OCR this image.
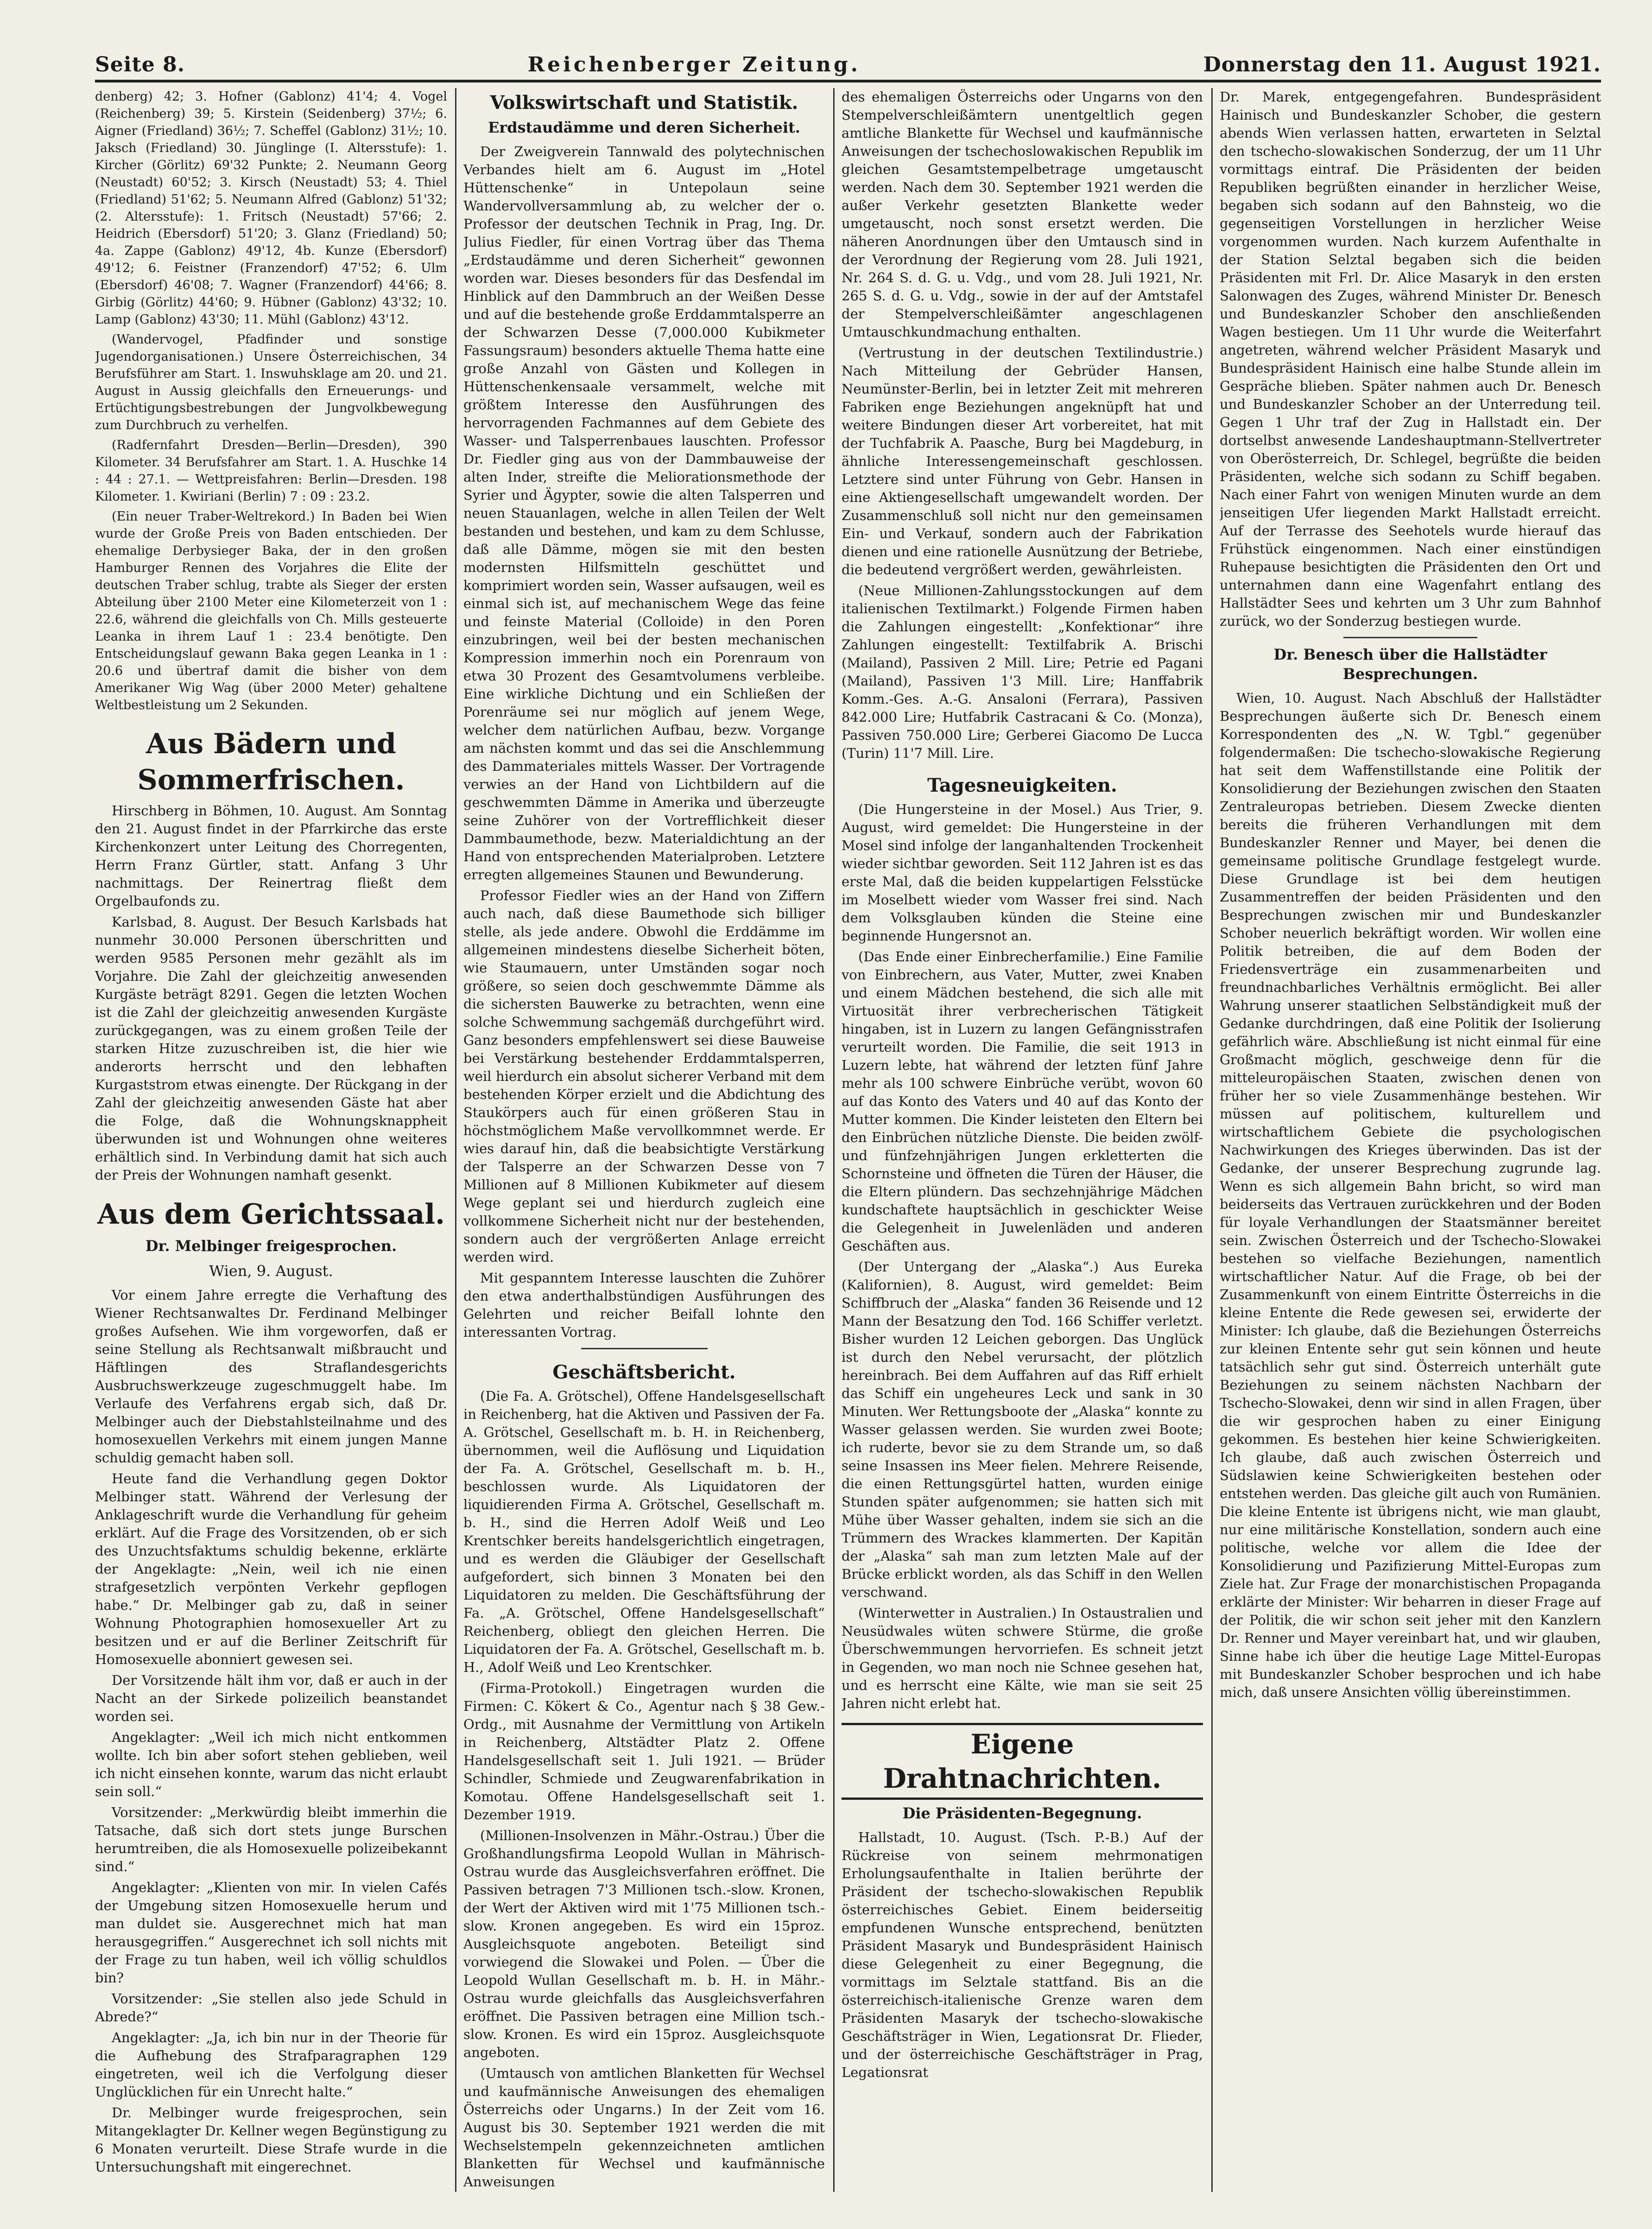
Seite 8.	Reichenberger Zeitung.	Donnerstag den 11. August 1921.

denberg) 42; 3. Hofner (Gablonz) 41'4; 4. Vogel (Reichenberg) 39; 5. Kirstein (Seidenberg) 37½; 6. Aigner (Friedland) 36½; 7. Scheffel (Gablonz) 31½; 10. Jaksch (Friedland) 30. Jünglinge (I. Altersstufe): 1. Kircher (Görlitz) 69'32 Punkte; 2. Neumann Georg (Neustadt) 60'52; 3. Kirsch (Neustadt) 53; 4. Thiel (Friedland) 51'62; 5. Neumann Alfred (Gablonz) 51'32; (2. Altersstufe): 1. Fritsch (Neustadt) 57'66; 2. Heidrich (Ebersdorf) 51'20; 3. Glanz (Friedland) 50; 4a. Zappe (Gablonz) 49'12, 4b. Kunze (Ebersdorf) 49'12; 6. Feistner (Franzendorf) 47'52; 6. Ulm (Ebersdorf) 46'08; 7. Wagner (Franzendorf) 44'66; 8. Girbig (Görlitz) 44'60; 9. Hübner (Gablonz) 43'32; 10. Lamp (Gablonz) 43'30; 11. Mühl (Gablonz) 43'12.

(Wandervogel, Pfadfinder und sonstige Jugendorganisationen.) Unsere Österreichischen, 34 Berufsführer am Start. 1. Inswuhsklage am 20. und 21. August in Aussig gleichfalls den Erneuerungs- und Ertüchtigungsbestrebungen der Jungvolkbewegung zum Durchbruch zu verhelfen.

(Radfernfahrt Dresden—Berlin—Dresden), 390 Kilometer. 34 Berufsfahrer am Start. 1. A. Huschke 14 : 44 : 27.1. — Wettpreisfahren: Berlin—Dresden. 198 Kilometer. 1. Kwiriani (Berlin) 7 : 09 : 23.2.

(Ein neuer Traber-Weltrekord.) In Baden bei Wien wurde der Große Preis von Baden entschieden. Der ehemalige Derbysieger Baka, der in den großen Hamburger Rennen des Vorjahres die Elite der deutschen Traber schlug, trabte als Sieger der ersten Abteilung über 2100 Meter eine Kilometerzeit von 1 : 22.6, während die gleichfalls von Ch. Mills gesteuerte Leanka in ihrem Lauf 1 : 23.4 benötigte. Den Entscheidungslauf gewann Baka gegen Leanka in 1 : 20.6 und übertraf damit die bisher von dem Amerikaner Wig Wag (über 2000 Meter) gehaltene Weltbestleistung um 2 Sekunden.

Aus Bädern und Sommerfrischen.

Hirschberg in Böhmen, 10. August. Am Sonntag den 21. August findet in der Pfarrkirche das erste Kirchenkonzert unter Leitung des Chorregenten, Herrn Franz Gürtler, statt. Anfang 3 Uhr nachmittags. Der Reinertrag fließt dem Orgelbaufonds zu.

Karlsbad, 8. August. Der Besuch Karlsbads hat nunmehr 30.000 Personen überschritten und werden 9585 Personen mehr gezählt als im Vorjahre. Die Zahl der gleichzeitig anwesenden Kurgäste beträgt 8291. Gegen die letzten Wochen ist die Zahl der gleichzeitig anwesenden Kurgäste zurückgegangen, was zu einem großen Teile der starken Hitze zuzuschreiben ist, die hier wie anderorts herrscht und den lebhaften Kurgaststrom etwas einengte. Der Rückgang in der Zahl der gleichzeitig anwesenden Gäste hat aber die Folge, daß die Wohnungsknappheit überwunden ist und Wohnungen ohne weiteres erhältlich sind. In Verbindung damit hat sich auch der Preis der Wohnungen namhaft gesenkt.

Aus dem Gerichtssaal.
Dr. Melbinger freigesprochen.
Wien, 9. August.

Vor einem Jahre erregte die Verhaftung des Wiener Rechtsanwaltes Dr. Ferdinand Melbinger großes Aufsehen. Wie ihm vorgeworfen, daß er seine Stellung als Rechtsanwalt mißbraucht und Häftlingen des Straflandesgerichts Ausbruchswerkzeuge zugeschmuggelt habe. Im Verlaufe des Verfahrens ergab sich, daß Dr. Melbinger auch der Diebstahlsteilnahme und des homosexuellen Verkehrs mit einem jungen Manne schuldig gemacht haben soll.

Heute fand die Verhandlung gegen Doktor Melbinger statt. Während der Verlesung der Anklageschrift wurde die Verhandlung für geheim erklärt. Auf die Frage des Vorsitzenden, ob er sich des Unzuchtsfaktums schuldig bekenne, erklärte der Angeklagte: „Nein, weil ich nie einen strafgesetzlich verpönten Verkehr gepflogen habe.“ Dr. Melbinger gab zu, daß in seiner Wohnung Photographien homosexueller Art zu besitzen und er auf die Berliner Zeitschrift für Homosexuelle abonniert gewesen sei.

Der Vorsitzende hält ihm vor, daß er auch in der Nacht an der Sirkede polizeilich beanstandet worden sei.

Angeklagter: „Weil ich mich nicht entkommen wollte. Ich bin aber sofort stehen geblieben, weil ich nicht einsehen konnte, warum das nicht erlaubt sein soll.“

Vorsitzender: „Merkwürdig bleibt immerhin die Tatsache, daß sich dort stets junge Burschen herumtreiben, die als Homosexuelle polizeibekannt sind.“

Angeklagter: „Klienten von mir. In vielen Cafés der Umgebung sitzen Homosexuelle herum und man duldet sie. Ausgerechnet mich hat man herausgegriffen.“ Ausgerechnet ich soll nichts mit der Frage zu tun haben, weil ich völlig schuldlos bin?

Vorsitzender: „Sie stellen also jede Schuld in Abrede?“

Angeklagter: „Ja, ich bin nur in der Theorie für die Aufhebung des Strafparagraphen 129 eingetreten, weil ich die Verfolgung dieser Unglücklichen für ein Unrecht halte.“

Dr. Melbinger wurde freigesprochen, sein Mitangeklagter Dr. Kellner wegen Begünstigung zu 6 Monaten verurteilt. Diese Strafe wurde in die Untersuchungshaft mit eingerechnet.

Volkswirtschaft und Statistik.
Erdstaudämme und deren Sicherheit.

Der Zweigverein Tannwald des polytechnischen Verbandes hielt am 6. August im „Hotel Hüttenschenke“ in Untepolaun seine Wandervollversammlung ab, zu welcher der o. Professor der deutschen Technik in Prag, Ing. Dr. Julius Fiedler, für einen Vortrag über das Thema „Erdstaudämme und deren Sicherheit“ gewonnen worden war. Dieses besonders für das Desfendal im Hinblick auf den Dammbruch an der Weißen Desse und auf die bestehende große Erddammtalsperre an der Schwarzen Desse (7,000.000 Kubikmeter Fassungsraum) besonders aktuelle Thema hatte eine große Anzahl von Gästen und Kollegen in Hüttenschenkensaale versammelt, welche mit größtem Interesse den Ausführungen des hervorragenden Fachmannes auf dem Gebiete des Wasser- und Talsperrenbaues lauschten. Professor Dr. Fiedler ging aus von der Dammbauweise der alten Inder, streifte die Meliorationsmethode der Syrier und Ägypter, sowie die alten Talsperren und neuen Stauanlagen, welche in allen Teilen der Welt bestanden und bestehen, und kam zu dem Schlusse, daß alle Dämme, mögen sie mit den besten modernsten Hilfsmitteln geschüttet und komprimiert worden sein, Wasser aufsaugen, weil es einmal sich ist, auf mechanischem Wege das feine und feinste Material (Colloide) in den Poren einzubringen, weil bei der besten mechanischen Kompression immerhin noch ein Porenraum von etwa 30 Prozent des Gesamtvolumens verbleibe. Eine wirkliche Dichtung und ein Schließen der Porenräume sei nur möglich auf jenem Wege, welcher dem natürlichen Aufbau, bezw. Vorgange am nächsten kommt und das sei die Anschlemmung des Dammateriales mittels Wasser. Der Vortragende verwies an der Hand von Lichtbildern auf die geschwemmten Dämme in Amerika und überzeugte seine Zuhörer von der Vortrefflichkeit dieser Dammbaumethode, bezw. Materialdichtung an der Hand von entsprechenden Materialproben. Letztere erregten allgemeines Staunen und Bewunderung.

Professor Fiedler wies an der Hand von Ziffern auch nach, daß diese Baumethode sich billiger stelle, als jede andere. Obwohl die Erddämme im allgemeinen mindestens dieselbe Sicherheit böten, wie Staumauern, unter Umständen sogar noch größere, so seien doch geschwemmte Dämme als die sichersten Bauwerke zu betrachten, wenn eine solche Schwemmung sachgemäß durchgeführt wird. Ganz besonders empfehlenswert sei diese Bauweise bei Verstärkung bestehender Erddammtalsperren, weil hierdurch ein absolut sicherer Verband mit dem bestehenden Körper erzielt und die Abdichtung des Staukörpers auch für einen größeren Stau in höchstmöglichem Maße vervollkommnet werde. Er wies darauf hin, daß die beabsichtigte Verstärkung der Talsperre an der Schwarzen Desse von 7 Millionen auf 8 Millionen Kubikmeter auf diesem Wege geplant sei und hierdurch zugleich eine vollkommene Sicherheit nicht nur der bestehenden, sondern auch der vergrößerten Anlage erreicht werden wird.

Mit gespanntem Interesse lauschten die Zuhörer den etwa anderthalbstündigen Ausführungen des Gelehrten und reicher Beifall lohnte den interessanten Vortrag.

Geschäftsbericht.

(Die Fa. A. Grötschel), Offene Handelsgesellschaft in Reichenberg, hat die Aktiven und Passiven der Fa. A. Grötschel, Gesellschaft m. b. H. in Reichenberg, übernommen, weil die Auflösung und Liquidation der Fa. A. Grötschel, Gesellschaft m. b. H., beschlossen wurde. Als Liquidatoren der liquidierenden Firma A. Grötschel, Gesellschaft m. b. H., sind die Herren Adolf Weiß und Leo Krentschker bereits handelsgerichtlich eingetragen, und es werden die Gläubiger der Gesellschaft aufgefordert, sich binnen 3 Monaten bei den Liquidatoren zu melden. Die Geschäftsführung der Fa. „A. Grötschel, Offene Handelsgesellschaft“ Reichenberg, obliegt den gleichen Herren. Die Liquidatoren der Fa. A. Grötschel, Gesellschaft m. b. H., Adolf Weiß und Leo Krentschker.

(Firma-Protokoll.) Eingetragen wurden die Firmen: C. Kökert & Co., Agentur nach § 38 Gew.-Ordg., mit Ausnahme der Vermittlung von Artikeln in Reichenberg, Altstädter Platz 2. Offene Handelsgesellschaft seit 1. Juli 1921. — Brüder Schindler, Schmiede und Zeugwarenfabrikation in Komotau. Offene Handelsgesellschaft seit 1. Dezember 1919.

(Millionen-Insolvenzen in Mähr.-Ostrau.) Über die Großhandlungsfirma Leopold Wullan in Mährisch-Ostrau wurde das Ausgleichsverfahren eröffnet. Die Passiven betragen 7'3 Millionen tsch.-slow. Kronen, der Wert der Aktiven wird mit 1'75 Millionen tsch.-slow. Kronen angegeben. Es wird ein 15proz. Ausgleichsquote angeboten. Beteiligt sind vorwiegend die Slowakei und Polen. — Über die Leopold Wullan Gesellschaft m. b. H. in Mähr.-Ostrau wurde gleichfalls das Ausgleichsverfahren eröffnet. Die Passiven betragen eine Million tsch.-slow. Kronen. Es wird ein 15proz. Ausgleichsquote angeboten.

(Umtausch von amtlichen Blanketten für Wechsel und kaufmännische Anweisungen des ehemaligen Österreichs oder Ungarns.) In der Zeit vom 16. August bis 30. September 1921 werden die mit Wechselstempeln gekennzeichneten amtlichen Blanketten für Wechsel und kaufmännische Anweisungen

des ehemaligen Österreichs oder Ungarns von den Stempelverschleißämtern unentgeltlich gegen amtliche Blankette für Wechsel und kaufmännische Anweisungen der tschechoslowakischen Republik im gleichen Gesamtstempelbetrage umgetauscht werden. Nach dem 30. September 1921 werden die außer Verkehr gesetzten Blankette weder umgetauscht, noch sonst ersetzt werden. Die näheren Anordnungen über den Umtausch sind in der Verordnung der Regierung vom 28. Juli 1921, Nr. 264 S. d. G. u. Vdg., und vom 28. Juli 1921, Nr. 265 S. d. G. u. Vdg., sowie in der auf der Amtstafel der Stempelverschleißämter angeschlagenen Umtauschkundmachung enthalten.

(Vertrustung in der deutschen Textilindustrie.) Nach Mitteilung der Gebrüder Hansen, Neumünster-Berlin, bei in letzter Zeit mit mehreren Fabriken enge Beziehungen angeknüpft hat und weitere Bindungen dieser Art vorbereitet, hat mit der Tuchfabrik A. Paasche, Burg bei Magdeburg, in ähnliche Interessengemeinschaft geschlossen. Letztere sind unter Führung von Gebr. Hansen in eine Aktiengesellschaft umgewandelt worden. Der Zusammenschluß soll nicht nur den gemeinsamen Ein- und Verkauf, sondern auch der Fabrikation dienen und eine rationelle Ausnützung der Betriebe, die bedeutend vergrößert werden, gewährleisten.

(Neue Millionen-Zahlungsstockungen auf dem italienischen Textilmarkt.) Folgende Firmen haben die Zahlungen eingestellt: „Konfektionar“ ihre Zahlungen eingestellt: Textilfabrik A. Brischi (Mailand), Passiven 2 Mill. Lire; Petrie ed Pagani (Mailand), Passiven 1'3 Mill. Lire; Hanffabrik Komm.-Ges. A.-G. Ansaloni (Ferrara), Passiven 842.000 Lire; Hutfabrik Castracani & Co. (Monza), Passiven 750.000 Lire; Gerberei Giacomo De Lucca (Turin) 11'7 Mill. Lire.

Tagesneuigkeiten.

(Die Hungersteine in der Mosel.) Aus Trier, 9. August, wird gemeldet: Die Hungersteine in der Mosel sind infolge der langanhaltenden Trockenheit wieder sichtbar geworden. Seit 112 Jahren ist es das erste Mal, daß die beiden kuppelartigen Felsstücke im Moselbett wieder vom Wasser frei sind. Nach dem Volksglauben künden die Steine eine beginnende Hungersnot an.

(Das Ende einer Einbrecherfamilie.) Eine Familie von Einbrechern, aus Vater, Mutter, zwei Knaben und einem Mädchen bestehend, die sich alle mit Virtuosität ihrer verbrecherischen Tätigkeit hingaben, ist in Luzern zu langen Gefängnisstrafen verurteilt worden. Die Familie, die seit 1913 in Luzern lebte, hat während der letzten fünf Jahre mehr als 100 schwere Einbrüche verübt, wovon 60 auf das Konto des Vaters und 40 auf das Konto der Mutter kommen. Die Kinder leisteten den Eltern bei den Einbrüchen nützliche Dienste. Die beiden zwölf- und fünfzehnjährigen Jungen erkletterten die Schornsteine und öffneten die Türen der Häuser, die die Eltern plündern. Das sechzehnjährige Mädchen kundschaftete hauptsächlich in geschickter Weise die Gelegenheit in Juwelenläden und anderen Geschäften aus.

(Der Untergang der „Alaska“.) Aus Eureka (Kalifornien), 8. August, wird gemeldet: Beim Schiffbruch der „Alaska“ fanden 36 Reisende und 12 Mann der Besatzung den Tod. 166 Schiffer verletzt. Bisher wurden 12 Leichen geborgen. Das Unglück ist durch den Nebel verursacht, der plötzlich hereinbrach. Bei dem Auffahren auf das Riff erhielt das Schiff ein ungeheures Leck und sank in 30 Minuten. Wer Rettungsboote der „Alaska“ konnte zu Wasser gelassen werden. Sie wurden zwei Boote; ich ruderte, bevor sie zu dem Strande um, so daß seine Insassen ins Meer fielen. Mehrere Reisende, die einen Rettungsgürtel hatten, wurden einige Stunden später aufgenommen; sie hatten sich mit Mühe über Wasser gehalten, indem sie sich an die Trümmern des Wrackes klammerten. Der Kapitän der „Alaska“ sah man zum letzten Male auf der Brücke erblickt worden, als das Schiff in den Wellen verschwand.

(Winterwetter in Australien.) In Ostaustralien und Neusüdwales wüten schwere Stürme, die große Überschwemmungen hervorriefen. Es schneit jetzt in Gegenden, wo man noch nie Schnee gesehen hat, und es herrscht eine Kälte, wie man sie seit 25 Jahren nicht erlebt hat.

Eigene Drahtnachrichten.
Die Präsidenten-Begegnung.

Hallstadt, 10. August. (Tsch. P.-B.) Auf der Rückreise von seinem mehrmonatigen Erholungsaufenthalte in Italien berührte der Präsident der tschecho-slowakischen Republik österreichisches Gebiet. Einem beiderseitig empfundenen Wunsche entsprechend, benützten Präsident Masaryk und Bundespräsident Hainisch diese Gelegenheit zu einer Begegnung, die vormittags im Selztale stattfand. Bis an die österreichisch-italienische Grenze waren dem Präsidenten Masaryk der tschecho-slowakische Geschäftsträger in Wien, Legationsrat Dr. Flieder, und der österreichische Geschäftsträger in Prag, Legationsrat

Dr. Marek, entgegengefahren. Bundespräsident Hainisch und Bundeskanzler Schober, die gestern abends Wien verlassen hatten, erwarteten in Selztal den tschecho-slowakischen Sonderzug, der um 11 Uhr vormittags eintraf. Die Präsidenten der beiden Republiken begrüßten einander in herzlicher Weise, begaben sich sodann auf den Bahnsteig, wo die gegenseitigen Vorstellungen in herzlicher Weise vorgenommen wurden. Nach kurzem Aufenthalte in der Station Selztal begaben sich die beiden Präsidenten mit Frl. Dr. Alice Masaryk in den ersten Salonwagen des Zuges, während Minister Dr. Benesch und Bundeskanzler Schober den anschließenden Wagen bestiegen. Um 11 Uhr wurde die Weiterfahrt angetreten, während welcher Präsident Masaryk und Bundespräsident Hainisch eine halbe Stunde allein im Gespräche blieben. Später nahmen auch Dr. Benesch und Bundeskanzler Schober an der Unterredung teil. Gegen 1 Uhr traf der Zug in Hallstadt ein. Der dortselbst anwesende Landeshauptmann-Stellvertreter von Oberösterreich, Dr. Schlegel, begrüßte die beiden Präsidenten, welche sich sodann zu Schiff begaben. Nach einer Fahrt von wenigen Minuten wurde an dem jenseitigen Ufer liegenden Markt Hallstadt erreicht. Auf der Terrasse des Seehotels wurde hierauf das Frühstück eingenommen. Nach einer einstündigen Ruhepause besichtigten die Präsidenten den Ort und unternahmen dann eine Wagenfahrt entlang des Hallstädter Sees und kehrten um 3 Uhr zum Bahnhof zurück, wo der Sonderzug bestiegen wurde.

Dr. Benesch über die Hallstädter Besprechungen.

Wien, 10. August. Nach Abschluß der Hallstädter Besprechungen äußerte sich Dr. Benesch einem Korrespondenten des „N. W. Tgbl.“ gegenüber folgendermaßen: Die tschecho-slowakische Regierung hat seit dem Waffenstillstande eine Politik der Konsolidierung der Beziehungen zwischen den Staaten Zentraleuropas betrieben. Diesem Zwecke dienten bereits die früheren Verhandlungen mit dem Bundeskanzler Renner und Mayer, bei denen die gemeinsame politische Grundlage festgelegt wurde. Diese Grundlage ist bei dem heutigen Zusammentreffen der beiden Präsidenten und den Besprechungen zwischen mir und Bundeskanzler Schober neuerlich bekräftigt worden. Wir wollen eine Politik betreiben, die auf dem Boden der Friedensverträge ein zusammenarbeiten und freundnachbarliches Verhältnis ermöglicht. Bei aller Wahrung unserer staatlichen Selbständigkeit muß der Gedanke durchdringen, daß eine Politik der Isolierung gefährlich wäre. Abschließung ist nicht einmal für eine Großmacht möglich, geschweige denn für die mitteleuropäischen Staaten, zwischen denen von früher her so viele Zusammenhänge bestehen. Wir müssen auf politischem, kulturellem und wirtschaftlichem Gebiete die psychologischen Nachwirkungen des Krieges überwinden. Das ist der Gedanke, der unserer Besprechung zugrunde lag. Wenn es sich allgemein Bahn bricht, so wird man beiderseits das Vertrauen zurückkehren und der Boden für loyale Verhandlungen der Staatsmänner bereitet sein. Zwischen Österreich und der Tschecho-Slowakei bestehen so vielfache Beziehungen, namentlich wirtschaftlicher Natur. Auf die Frage, ob bei der Zusammenkunft von einem Eintritte Österreichs in die kleine Entente die Rede gewesen sei, erwiderte der Minister: Ich glaube, daß die Beziehungen Österreichs zur kleinen Entente sehr gut sein können und heute tatsächlich sehr gut sind. Österreich unterhält gute Beziehungen zu seinem nächsten Nachbarn der Tschecho-Slowakei, denn wir sind in allen Fragen, über die wir gesprochen haben zu einer Einigung gekommen. Es bestehen hier keine Schwierigkeiten. Ich glaube, daß auch zwischen Österreich und Südslawien keine Schwierigkeiten bestehen oder entstehen werden. Das gleiche gilt auch von Rumänien. Die kleine Entente ist übrigens nicht, wie man glaubt, nur eine militärische Konstellation, sondern auch eine politische, welche vor allem die Idee der Konsolidierung und Pazifizierung Mittel-Europas zum Ziele hat. Zur Frage der monarchistischen Propaganda erklärte der Minister: Wir beharren in dieser Frage auf der Politik, die wir schon seit jeher mit den Kanzlern Dr. Renner und Mayer vereinbart hat, und wir glauben, Sinne habe ich über die heutige Lage Mittel-Europas mit Bundeskanzler Schober besprochen und ich habe mich, daß unsere Ansichten völlig übereinstimmen.
